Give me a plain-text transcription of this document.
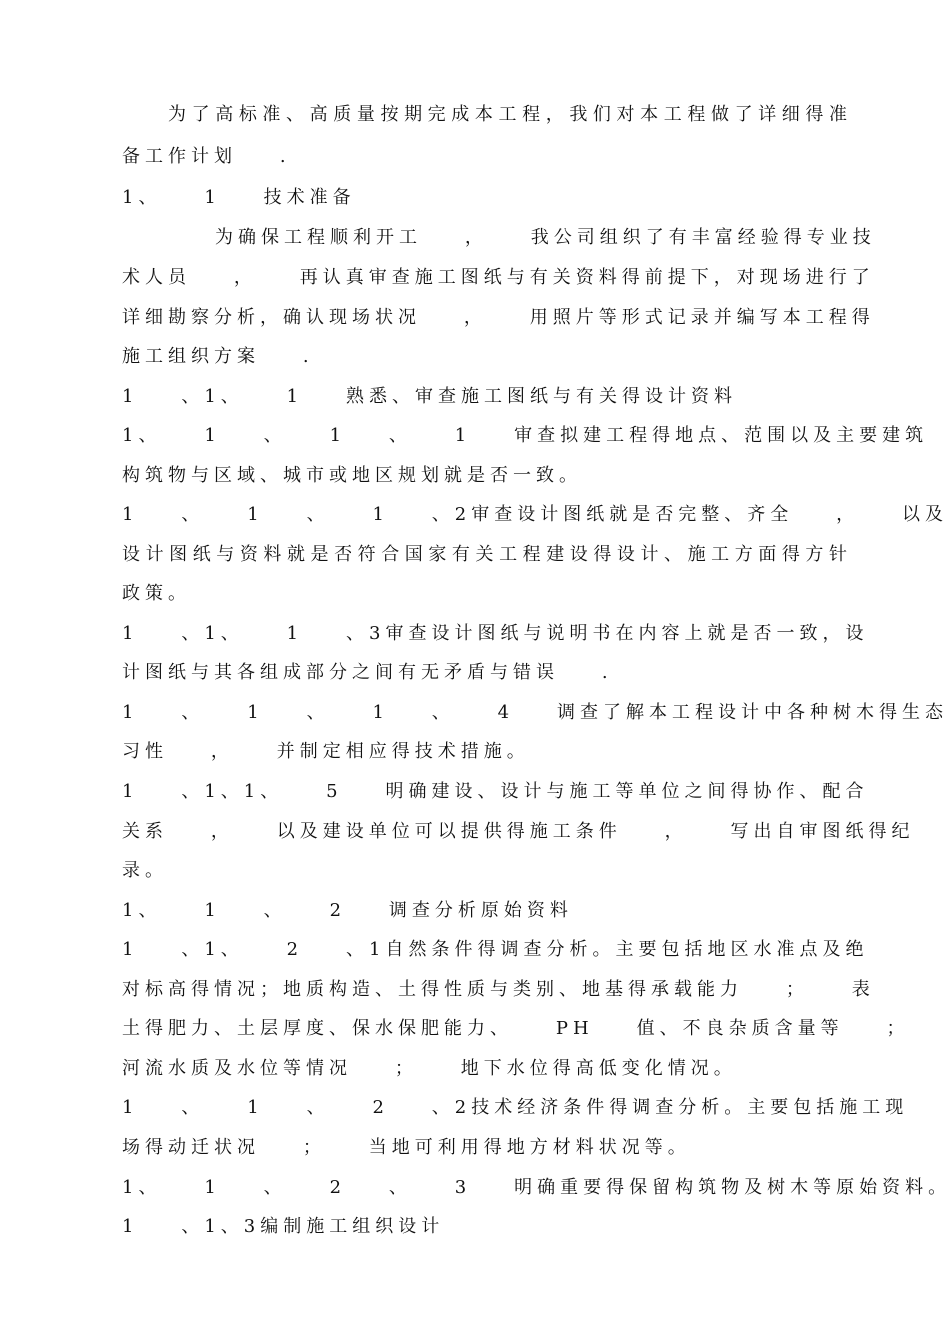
为了高标准、高质量按期完成本工程，我们对本工程做了详细得准
备工作计划    .
1、    1    技术准备
为确保工程顺利开工    ，    我公司组织了有丰富经验得专业技
术人员    ，    再认真审查施工图纸与有关资料得前提下，对现场进行了
详细勘察分析，确认现场状况    ，    用照片等形式记录并编写本工程得
施工组织方案    .
1    、1、    1    熟悉、审查施工图纸与有关得设计资料
1、    1    、    1    、    1    审查拟建工程得地点、范围以及主要建筑
构筑物与区域、城市或地区规划就是否一致。
1    、    1    、    1    、2审查设计图纸就是否完整、齐全    ，    以及
设计图纸与资料就是否符合国家有关工程建设得设计、施工方面得方针
政策。
1    、1、    1    、3审查设计图纸与说明书在内容上就是否一致，设
计图纸与其各组成部分之间有无矛盾与错误    .
1    、    1    、    1    、    4    调查了解本工程设计中各种树木得生态
习性    ，    并制定相应得技术措施。
1    、1、1、    5    明确建设、设计与施工等单位之间得协作、配合
关系    ，    以及建设单位可以提供得施工条件    ，    写出自审图纸得纪
录。
1、    1    、    2    调查分析原始资料
1    、1、    2    、1自然条件得调查分析。主要包括地区水准点及绝
对标高得情况；地质构造、土得性质与类别、地基得承载能力    ；    表
土得肥力、土层厚度、保水保肥能力、    PH    值、不良杂质含量等    ；
河流水质及水位等情况    ；    地下水位得高低变化情况。
1    、    1    、    2    、2技术经济条件得调查分析。主要包括施工现
场得动迁状况    ；    当地可利用得地方材料状况等。
1、    1    、    2    、    3    明确重要得保留构筑物及树木等原始资料。
1    、1、3编制施工组织设计
